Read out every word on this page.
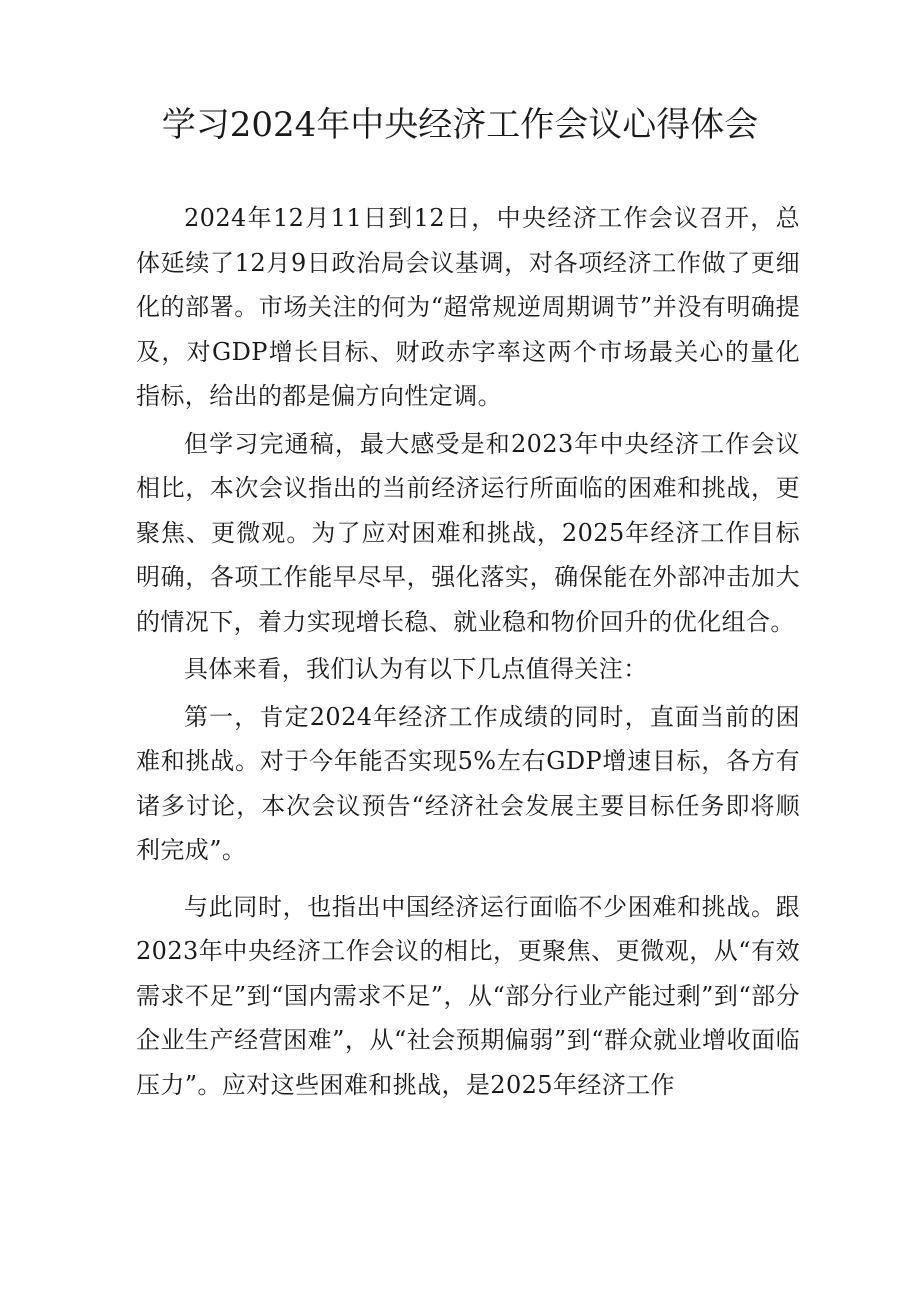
学习2024年中央经济工作会议心得体会

2024年12月11日到12日，中央经济工作会议召开，总体延续了12月9日政治局会议基调，对各项经济工作做了更细化的部署。市场关注的何为“超常规逆周期调节”并没有明确提及，对GDP增长目标、财政赤字率这两个市场最关心的量化指标，给出的都是偏方向性定调。

但学习完通稿，最大感受是和2023年中央经济工作会议相比，本次会议指出的当前经济运行所面临的困难和挑战，更聚焦、更微观。为了应对困难和挑战，2025年经济工作目标明确，各项工作能早尽早，强化落实，确保能在外部冲击加大的情况下，着力实现增长稳、就业稳和物价回升的优化组合。

具体来看，我们认为有以下几点值得关注：

第一，肯定2024年经济工作成绩的同时，直面当前的困难和挑战。对于今年能否实现5%左右GDP增速目标，各方有诸多讨论，本次会议预告“经济社会发展主要目标任务即将顺利完成”。

与此同时，也指出中国经济运行面临不少困难和挑战。跟2023年中央经济工作会议的相比，更聚焦、更微观，从“有效需求不足”到“国内需求不足”，从“部分行业产能过剩”到“部分企业生产经营困难”，从“社会预期偏弱”到“群众就业增收面临压力”。应对这些困难和挑战，是2025年经济工作
